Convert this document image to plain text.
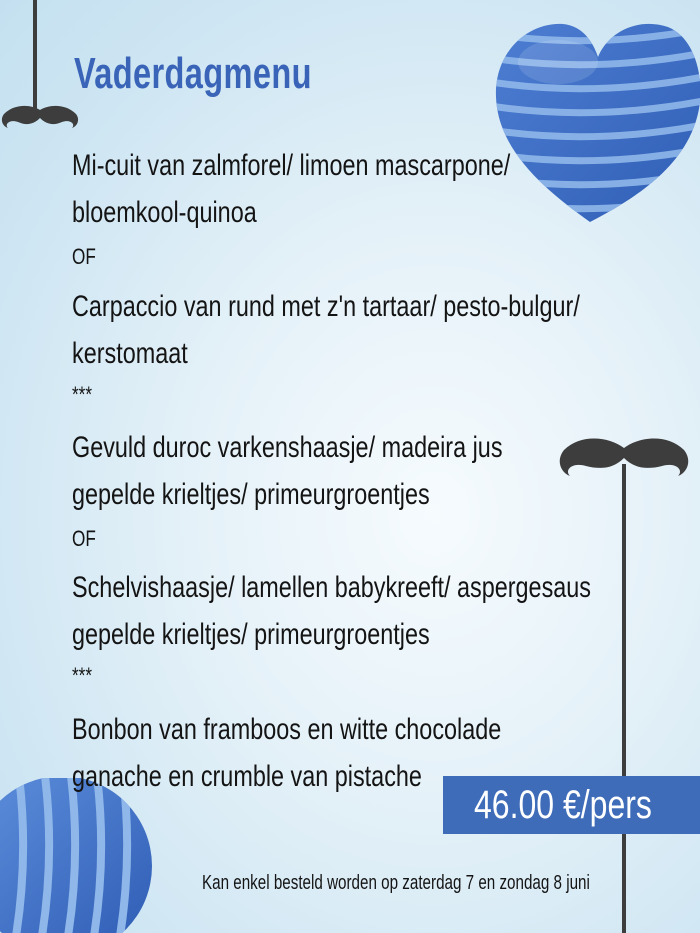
Vaderdagmenu

Mi-cuit van zalmforel/ limoen mascarpone/

bloemkool-quinoa

OF

Carpaccio van rund met z'n tartaar/ pesto-bulgur/

kerstomaat

***

Gevuld duroc varkenshaasje/ madeira jus

gepelde krieltjes/ primeurgroentjes

OF

Schelvishaasje/ lamellen babykreeft/ aspergesaus

gepelde krieltjes/ primeurgroentjes

***

Bonbon van framboos en witte chocolade

ganache en crumble van pistache

46.00 €/pers

Kan enkel besteld worden op zaterdag 7 en zondag 8 juni
